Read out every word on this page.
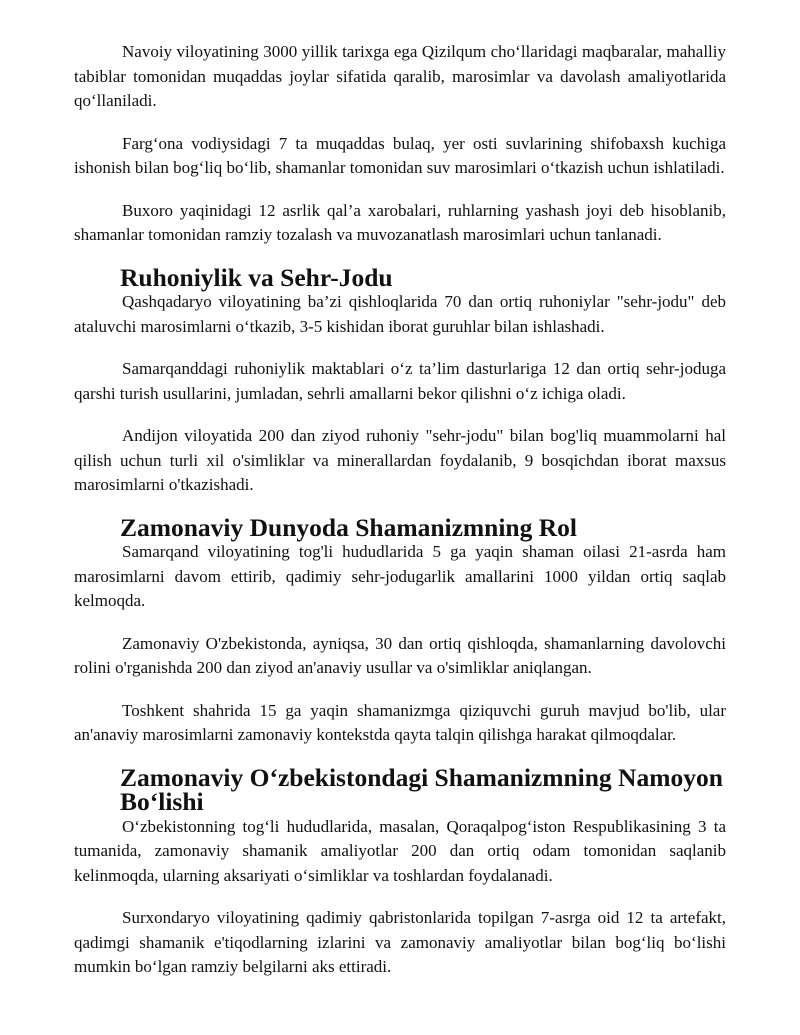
Navoiy viloyatining 3000 yillik tarixga ega Qizilqum cho‘llaridagi maqbaralar, mahalliy tabiblar tomonidan muqaddas joylar sifatida qaralib, marosimlar va davolash amaliyotlarida qo‘llaniladi.

Farg‘ona vodiysidagi 7 ta muqaddas bulaq, yer osti suvlarining shifobaxsh kuchiga ishonish bilan bog‘liq bo‘lib, shamanlar tomonidan suv marosimlari o‘tkazish uchun ishlatiladi.

Buxoro yaqinidagi 12 asrlik qal’a xarobalari, ruhlarning yashash joyi deb hisoblanib, shamanlar tomonidan ramziy tozalash va muvozanatlash marosimlari uchun tanlanadi.

Ruhoniylik va Sehr-Jodu

Qashqadaryo viloyatining ba’zi qishloqlarida 70 dan ortiq ruhoniylar "sehr-jodu" deb ataluvchi marosimlarni o‘tkazib, 3-5 kishidan iborat guruhlar bilan ishlashadi.

Samarqanddagi ruhoniylik maktablari o‘z ta’lim dasturlariga 12 dan ortiq sehr-joduga qarshi turish usullarini, jumladan, sehrli amallarni bekor qilishni o‘z ichiga oladi.

Andijon viloyatida 200 dan ziyod ruhoniy "sehr-jodu" bilan bog'liq muammolarni hal qilish uchun turli xil o'simliklar va minerallardan foydalanib, 9 bosqichdan iborat maxsus marosimlarni o'tkazishadi.

Zamonaviy Dunyoda Shamanizmning Rol

Samarqand viloyatining tog'li hududlarida 5 ga yaqin shaman oilasi 21-asrda ham marosimlarni davom ettirib, qadimiy sehr-jodugarlik amallarini 1000 yildan ortiq saqlab kelmoqda.

Zamonaviy O'zbekistonda, ayniqsa, 30 dan ortiq qishloqda, shamanlarning davolovchi rolini o'rganishda 200 dan ziyod an'anaviy usullar va o'simliklar aniqlangan.

Toshkent shahrida 15 ga yaqin shamanizmga qiziquvchi guruh mavjud bo'lib, ular an'anaviy marosimlarni zamonaviy kontekstda qayta talqin qilishga harakat qilmoqdalar.

Zamonaviy O‘zbekistondagi Shamanizmning Namoyon Bo‘lishi

O‘zbekistonning tog‘li hududlarida, masalan, Qoraqalpog‘iston Respublikasining 3 ta tumanida, zamonaviy shamanik amaliyotlar 200 dan ortiq odam tomonidan saqlanib kelinmoqda, ularning aksariyati o‘simliklar va toshlardan foydalanadi.

Surxondaryo viloyatining qadimiy qabristonlarida topilgan 7-asrga oid 12 ta artefakt, qadimgi shamanik e'tiqodlarning izlarini va zamonaviy amaliyotlar bilan bog‘liq bo‘lishi mumkin bo‘lgan ramziy belgilarni aks ettiradi.
